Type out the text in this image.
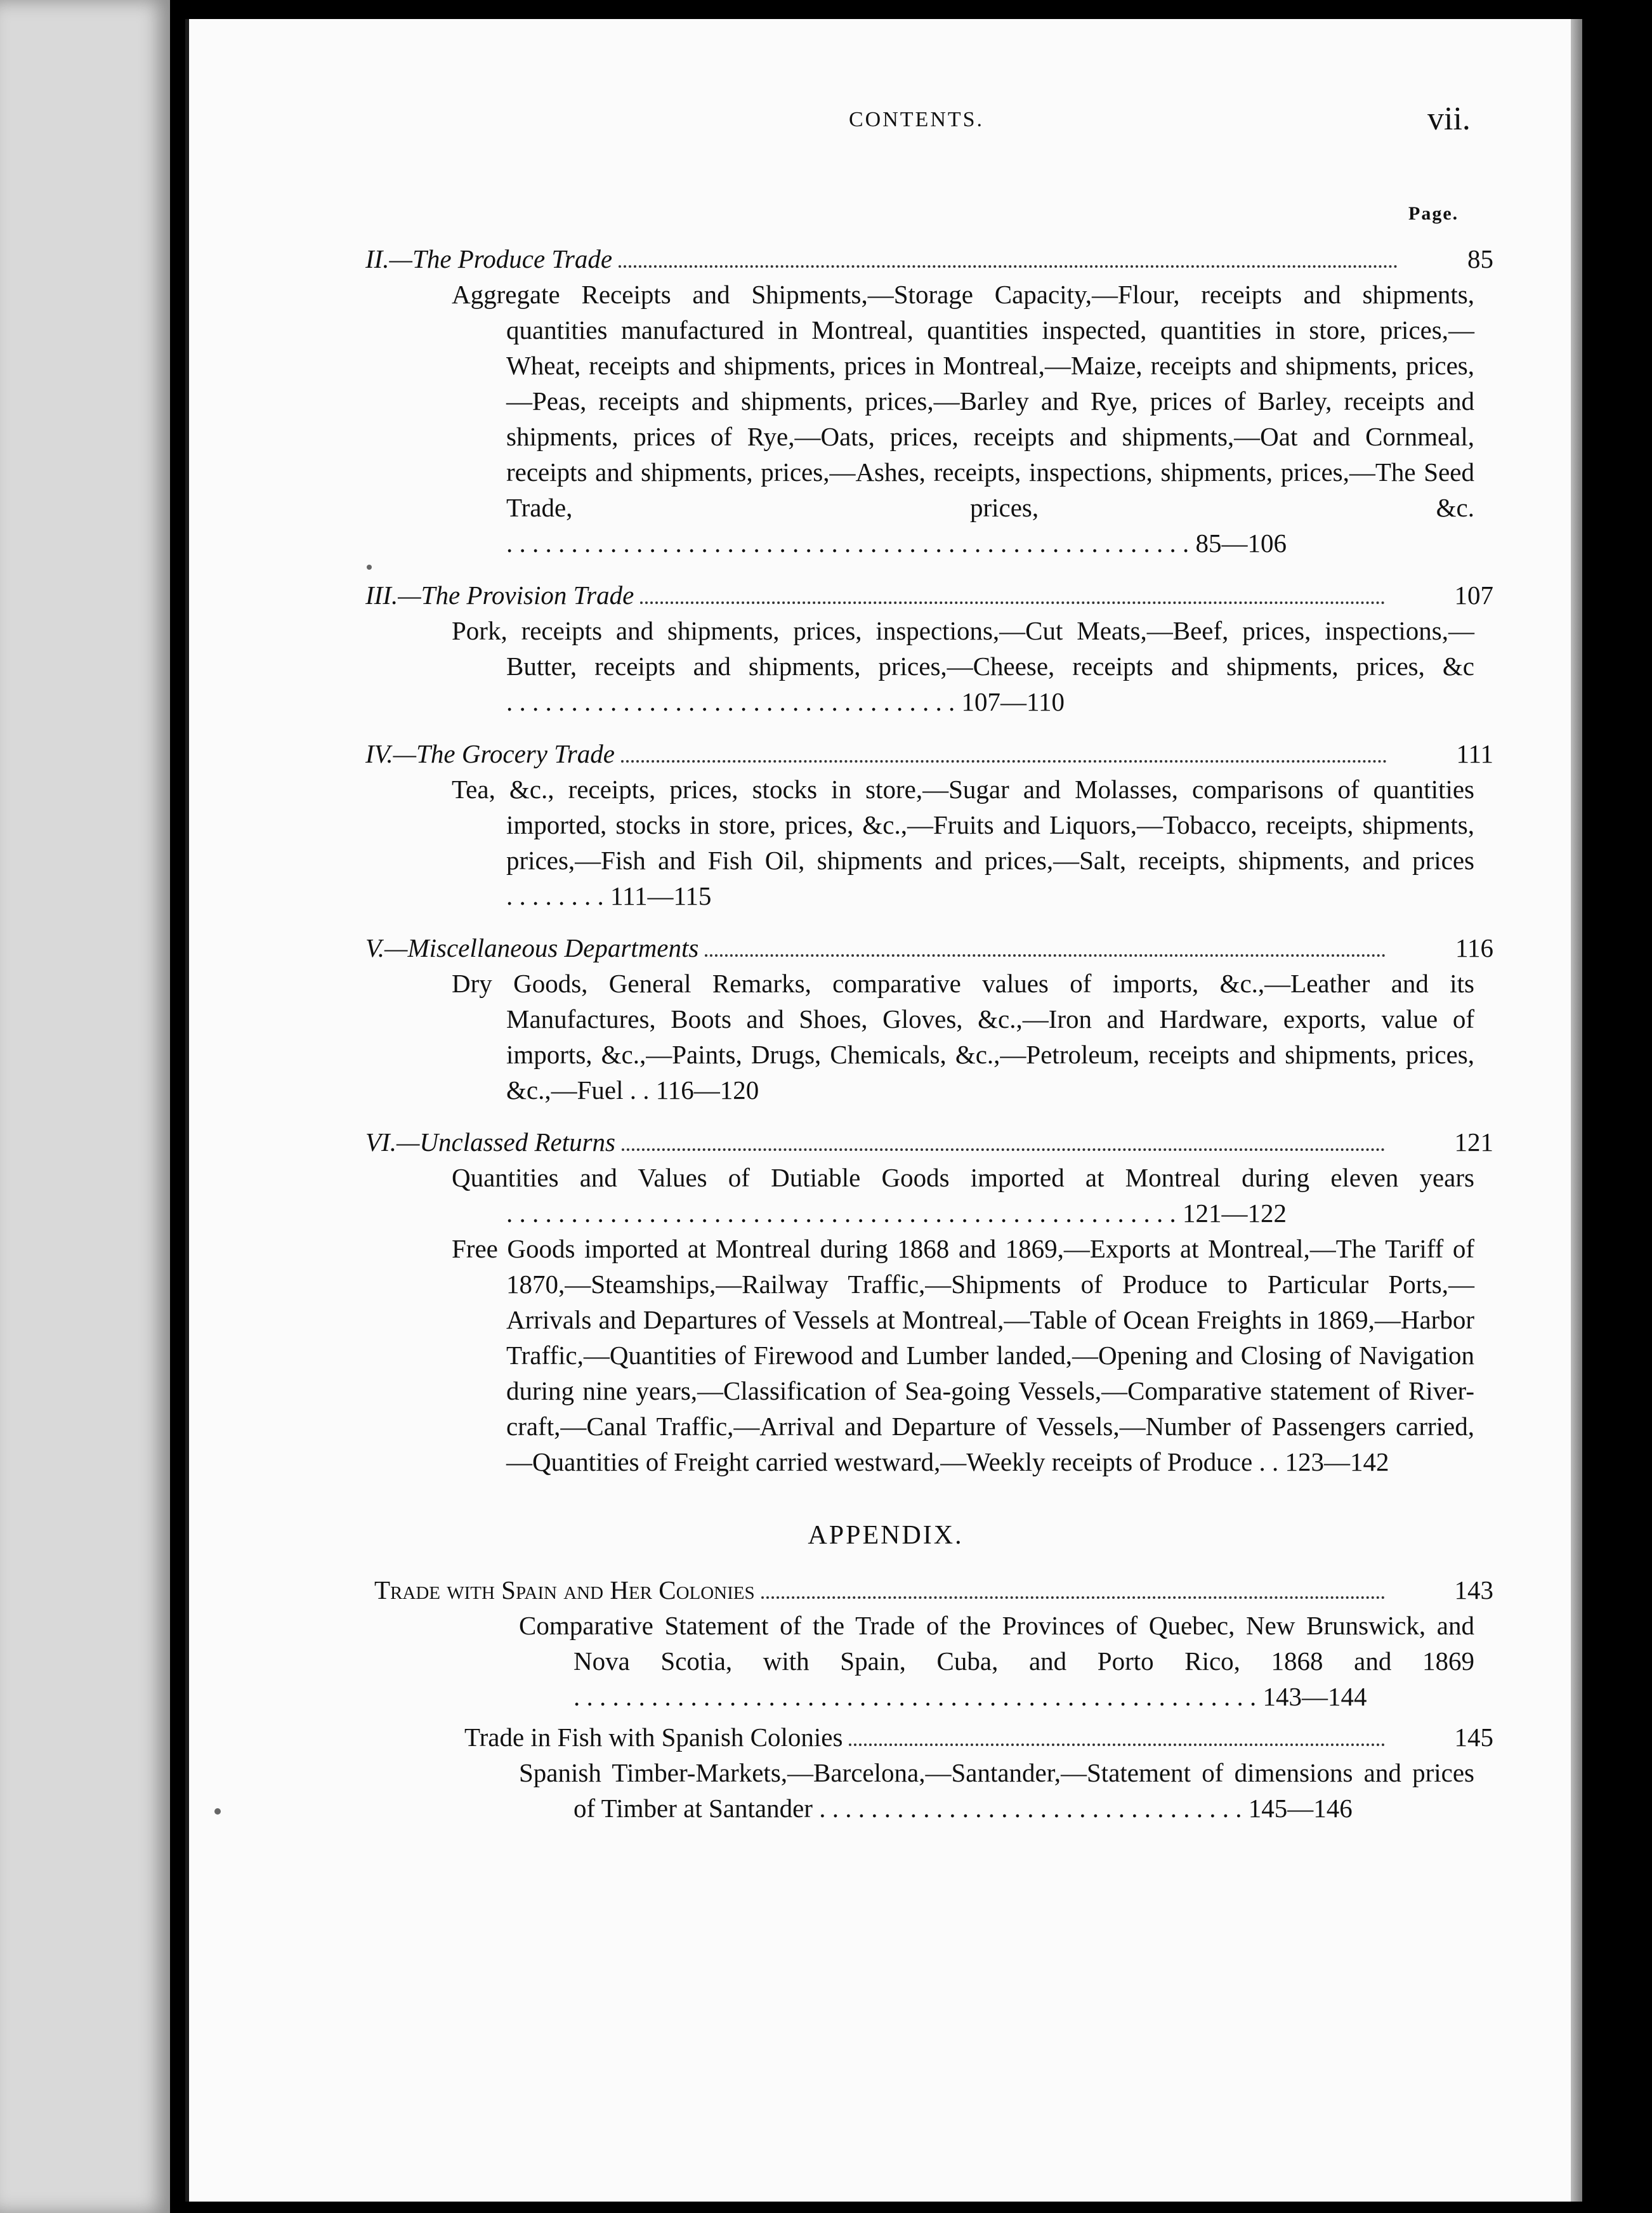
CONTENTS.	vii.
Page.
II.—The Produce Trade	85
Aggregate Receipts and Shipments,—Storage Capacity,—Flour, receipts and shipments, quantities manufactured in Montreal, quantities inspected, quantities in store, prices,—Wheat, receipts and shipments, prices in Montreal,—Maize, receipts and shipments, prices,—Peas, receipts and shipments, prices,—Barley and Rye, prices of Barley, receipts and shipments, prices of Rye,—Oats, prices, receipts and shipments,—Oat and Cornmeal, receipts and shipments, prices,—Ashes, receipts, inspections, shipments, prices,—The Seed Trade, prices, &c. . . . . . . . . . . . . . . . . . . . . . . . . . . . . . . . . . . . . . . . . . . . . . . . . . . . . . 85—106
III.—The Provision Trade	107
Pork, receipts and shipments, prices, inspections,—Cut Meats,—Beef, prices, inspections,—Butter, receipts and shipments, prices,—Cheese, receipts and shipments, prices, &c . . . . . . . . . . . . . . . . . . . . . . . . . . . . . . . . . . . 107—110
IV.—The Grocery Trade	111
Tea, &c., receipts, prices, stocks in store,—Sugar and Molasses, comparisons of quantities imported, stocks in store, prices, &c.,—Fruits and Liquors,—Tobacco, receipts, shipments, prices,—Fish and Fish Oil, shipments and prices,—Salt, receipts, shipments, and prices . . . . . . . . 111—115
V.—Miscellaneous Departments	116
Dry Goods, General Remarks, comparative values of imports, &c.,—Leather and its Manufactures, Boots and Shoes, Gloves, &c.,—Iron and Hardware, exports, value of imports, &c.,—Paints, Drugs, Chemicals, &c.,—Petroleum, receipts and shipments, prices, &c.,—Fuel . . 116—120
VI.—Unclassed Returns	121
Quantities and Values of Dutiable Goods imported at Montreal during eleven years . . . . . . . . . . . . . . . . . . . . . . . . . . . . . . . . . . . . . . . . . . . . . . . . . . . . 121—122
Free Goods imported at Montreal during 1868 and 1869,—Exports at Montreal,—The Tariff of 1870,—Steamships,—Railway Traffic,—Shipments of Produce to Particular Ports,—Arrivals and Departures of Vessels at Montreal,—Table of Ocean Freights in 1869,—Harbor Traffic,—Quantities of Firewood and Lumber landed,—Opening and Closing of Navigation during nine years,—Classification of Sea-going Vessels,—Comparative statement of River-craft,—Canal Traffic,—Arrival and Departure of Vessels,—Number of Passengers carried,—Quantities of Freight carried westward,—Weekly receipts of Produce . . 123—142
APPENDIX.
Trade with Spain and Her Colonies	143
Comparative Statement of the Trade of the Provinces of Quebec, New Brunswick, and Nova Scotia, with Spain, Cuba, and Porto Rico, 1868 and 1869 . . . . . . . . . . . . . . . . . . . . . . . . . . . . . . . . . . . . . . . . . . . . . . . . . . . . . 143—144
Trade in Fish with Spanish Colonies	145
Spanish Timber-Markets,—Barcelona,—Santander,—Statement of dimensions and prices of Timber at Santander . . . . . . . . . . . . . . . . . . . . . . . . . . . . . . . . . 145—146
